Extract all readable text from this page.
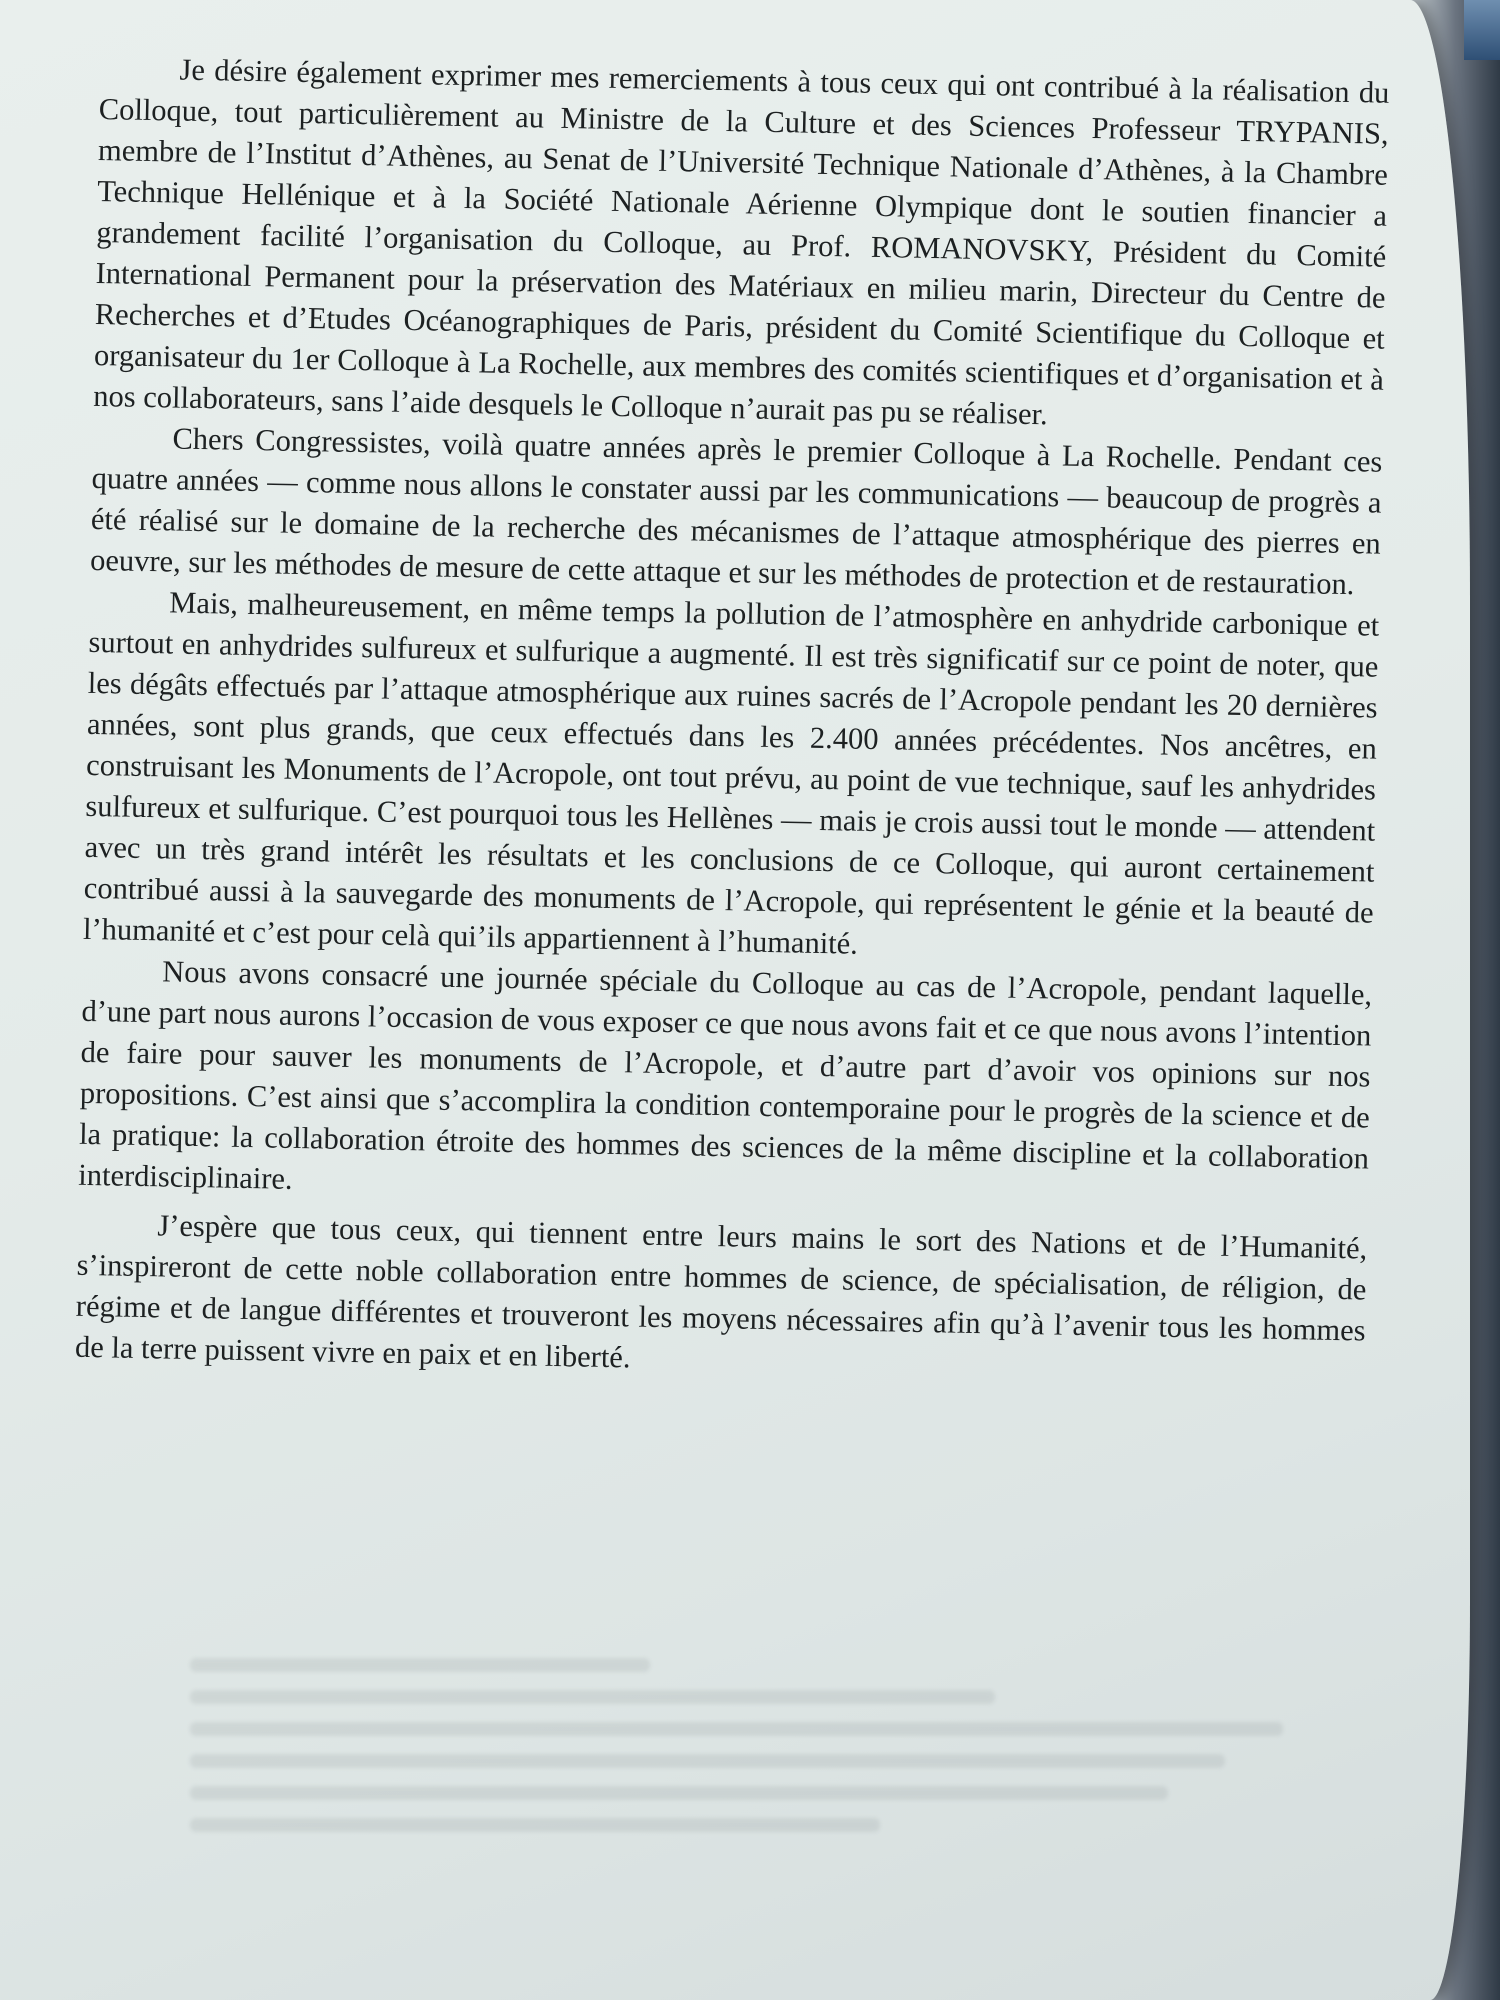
Je désire également exprimer mes remerciements à tous ceux qui ont contribué à la réalisation du Colloque, tout particulièrement au Ministre de la Culture et des Sciences Professeur TRYPANIS, membre de l’Institut d’Athènes, au Senat de l’Université Technique Nationale d’Athènes, à la Chambre Technique Hellénique et à la Société Nationale Aérienne Olympique dont le soutien financier a grandement facilité l’organisation du Colloque, au Prof. ROMANOVSKY, Président du Comité International Permanent pour la préservation des Matériaux en milieu marin, Directeur du Centre de Recherches et d’Etudes Océanographiques de Paris, président du Comité Scientifique du Colloque et organisateur du 1er Colloque à La Rochelle, aux membres des comités scientifiques et d’organisation et à nos collaborateurs, sans l’aide desquels le Colloque n’aurait pas pu se réaliser.

Chers Congressistes, voilà quatre années après le premier Colloque à La Rochelle. Pendant ces quatre années — comme nous allons le constater aussi par les communications — beaucoup de progrès a été réalisé sur le domaine de la recherche des mécanismes de l’attaque atmosphérique des pierres en oeuvre, sur les méthodes de mesure de cette attaque et sur les méthodes de protection et de restauration.

Mais, malheureusement, en même temps la pollution de l’atmosphère en anhydride carbonique et surtout en anhydrides sulfureux et sulfurique a augmenté. Il est très significatif sur ce point de noter, que les dégâts effectués par l’attaque atmosphérique aux ruines sacrés de l’Acropole pendant les 20 dernières années, sont plus grands, que ceux effectués dans les 2.400 années précédentes. Nos ancêtres, en construisant les Monuments de l’Acropole, ont tout prévu, au point de vue technique, sauf les anhydrides sulfureux et sulfurique. C’est pourquoi tous les Hellènes — mais je crois aussi tout le monde — attendent avec un très grand intérêt les résultats et les conclusions de ce Colloque, qui auront certainement contribué aussi à la sauvegarde des monuments de l’Acropole, qui représentent le génie et la beauté de l’humanité et c’est pour celà qui’ils appartiennent à l’humanité.

Nous avons consacré une journée spéciale du Colloque au cas de l’Acropole, pendant laquelle, d’une part nous aurons l’occasion de vous exposer ce que nous avons fait et ce que nous avons l’intention de faire pour sauver les monuments de l’Acropole, et d’autre part d’avoir vos opinions sur nos propositions. C’est ainsi que s’accomplira la condition contemporaine pour le progrès de la science et de la pratique: la collaboration étroite des hommes des sciences de la même discipline et la collaboration interdisciplinaire.

J’espère que tous ceux, qui tiennent entre leurs mains le sort des Nations et de l’Humanité, s’inspireront de cette noble collaboration entre hommes de science, de spécialisation, de réligion, de régime et de langue différentes et trouveront les moyens nécessaires afin qu’à l’avenir tous les hommes de la terre puissent vivre en paix et en liberté.
